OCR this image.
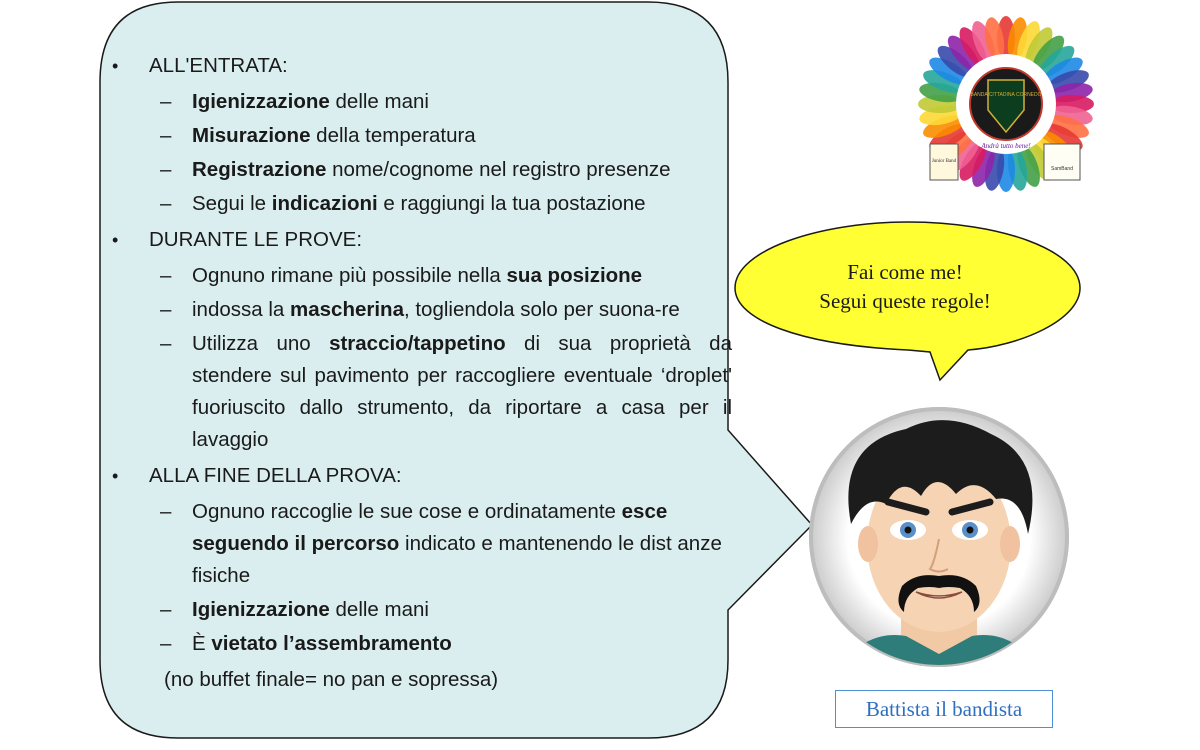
• ALL'ENTRATA:
– Igienizzazione delle mani
– Misurazione della temperatura
– Registrazione nome/cognome nel registro presenze
– Segui le indicazioni e raggiungi la tua postazione
• DURANTE LE PROVE:
– Ognuno rimane più possibile nella sua posizione
– indossa la mascherina, togliendola solo per suona-re
– Utilizza uno straccio/tappetino di sua proprietà da stendere sul pavimento per raccogliere eventuale ‘droplet' fuoriuscito dallo strumento, da riportare a casa per il lavaggio
• ALLA FINE DELLA PROVA:
– Ognuno raccoglie le sue cose e ordinatamente esce seguendo il percorso indicato e mantenendo le dist anze fisiche
– Igienizzazione delle mani
– È vietato l’assembramento
(no buffet finale= no pan e sopressa)
Fai come me!
Segui queste regole!
BANDA CITTADINA CORNEDO
Andrà tutto bene!
Junior Band
SamBand
Battista il bandista
